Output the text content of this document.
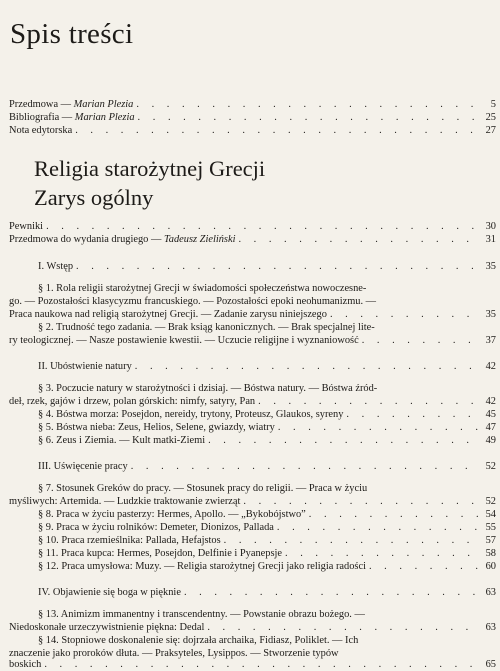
Spis treści
Przedmowa — Marian Plezia . . .	5
Bibliografia — Marian Plezia . . .	25
Nota edytorska . . .	27
Religia starożytnej Grecji
Zarys ogólny
Pewniki . . .	30
Przedmowa do wydania drugiego — Tadeusz Zieliński . . .	31
I. Wstęp . . .	35
§ 1. Rola religii starożytnej Grecji w świadomości społeczeństwa nowoczesne-
go. — Pozostałości klasycyzmu francuskiego. — Pozostałości epoki neohumanizmu. —
Praca naukowa nad religią starożytnej Grecji. — Zadanie zarysu niniejszego . . .	35
§ 2. Trudność tego zadania. — Brak ksiąg kanonicznych. — Brak specjalnej lite-
ry teologicznej. — Nasze postawienie kwestii. — Uczucie religijne i wyznaniowość . . .	37
II. Ubóstwienie natury . . .	42
§ 3. Poczucie natury w starożytności i dzisiaj. — Bóstwa natury. — Bóstwa źród-
deł, rzek, gajów i drzew, polan górskich: nimfy, satyry, Pan . . .	42
§ 4. Bóstwa morza: Posejdon, nereidy, trytony, Proteusz, Glaukos, syreny . . .	45
§ 5. Bóstwa nieba: Zeus, Helios, Selene, gwiazdy, wiatry . . .	47
§ 6. Zeus i Ziemia. — Kult matki-Ziemi . . .	49
III. Uświęcenie pracy . . .	52
§ 7. Stosunek Greków do pracy. — Stosunek pracy do religii. — Praca w życiu
myśliwych: Artemida. — Ludzkie traktowanie zwierząt . . .	52
§ 8. Praca w życiu pasterzy: Hermes, Apollo. — „Bykobójstwo” . . .	54
§ 9. Praca w życiu rolników: Demeter, Dionizos, Pallada . . .	55
§ 10. Praca rzemieślnika: Pallada, Hefajstos . . .	57
§ 11. Praca kupca: Hermes, Posejdon, Delfinie i Pyanepsje . . .	58
§ 12. Praca umysłowa: Muzy. — Religia starożytnej Grecji jako religia radości . . .	60
IV. Objawienie się boga w pięknie . . .	63
§ 13. Animizm immanentny i transcendentny. — Powstanie obrazu bożego. —
Niedoskonałe urzeczywistnienie piękna: Dedal . . .	63
§ 14. Stopniowe doskonalenie się: dojrzała archaika, Fidiasz, Poliklet. — Ich
znaczenie jako proroków dłuta. — Praksyteles, Lysippos. — Stworzenie typów
boskich . . .	65
